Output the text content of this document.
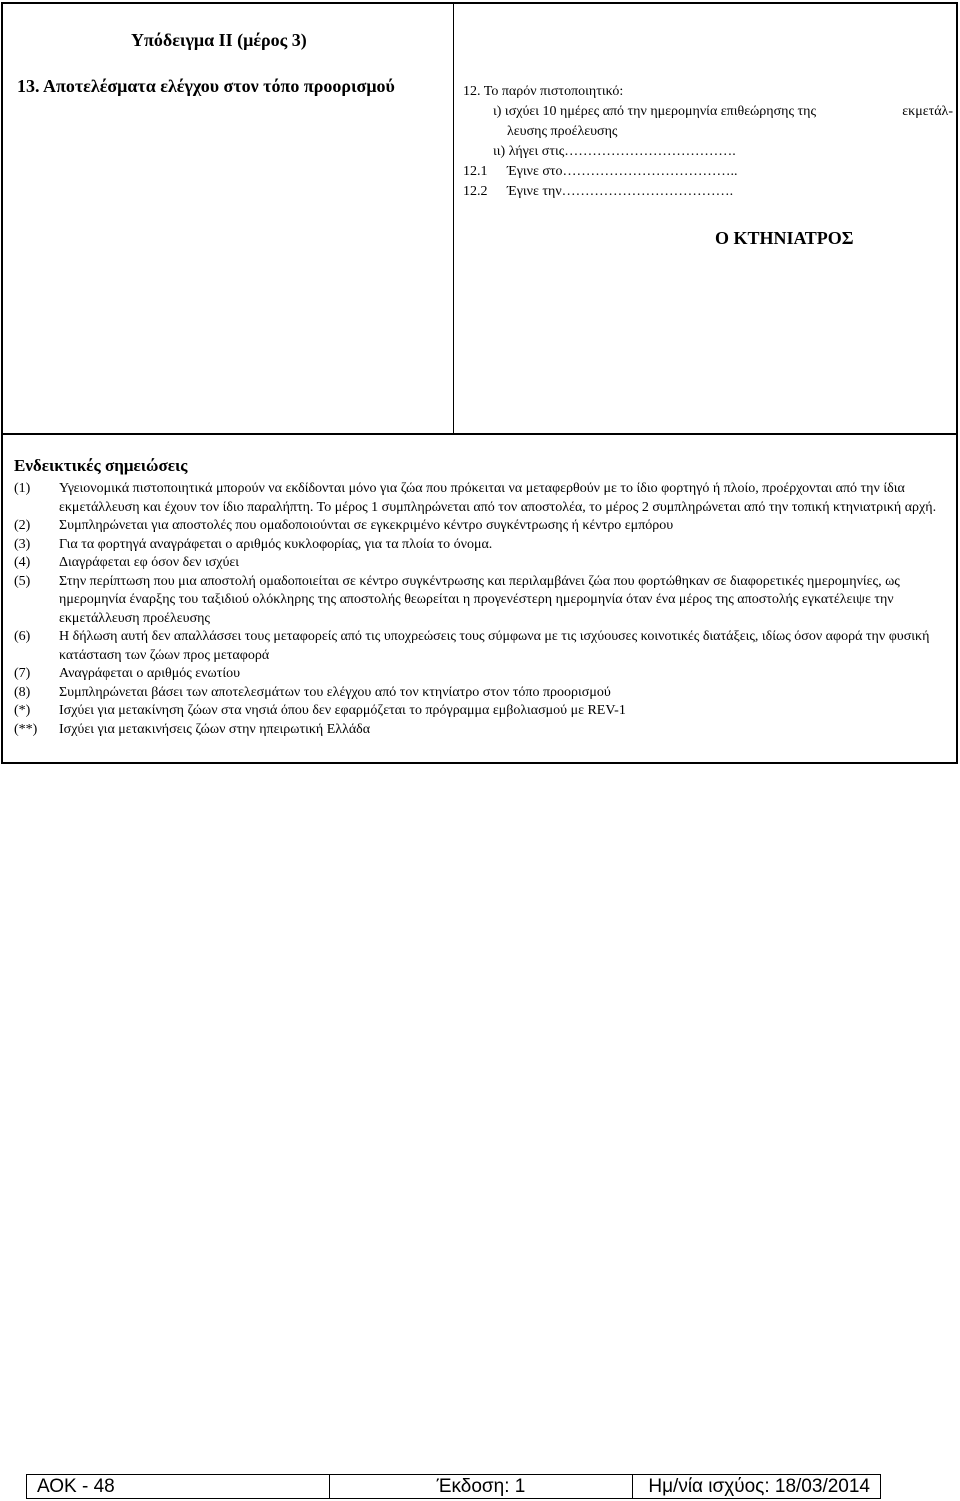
Υπόδειγμα ΙΙ (μέρος 3)
13. Αποτελέσματα ελέγχου στον τόπο προορισμού	12. Το παρόν πιστοποιητικό:
ι) ισχύει 10 ημέρες από την ημερομηνία επιθεώρησης της	εκμετάλ-
λευσης προέλευσης
ιι) λήγει στις……………………………….
12.1 Έγινε στο………………………………..
12.2 Έγινε την……………………………….
Ο ΚΤΗΝΙΑΤΡΟΣ
Ενδεικτικές σημειώσεις
(1)	Υγειονομικά πιστοποιητικά μπορούν να εκδίδονται μόνο για ζώα που πρόκειται να μεταφερθούν με το ίδιο φορτηγό ή πλοίο, προέρχονται από την ίδια εκμετάλλευση και έχουν τον ίδιο παραλήπτη. Το μέρος 1 συμπληρώνεται από τον αποστολέα, το μέρος 2 συμπληρώνεται από την τοπική κτηνιατρική αρχή.
(2)	Συμπληρώνεται για αποστολές που ομαδοποιούνται σε εγκεκριμένο κέντρο συγκέντρωσης ή κέντρο εμπόρου
(3)	Για τα φορτηγά αναγράφεται ο αριθμός κυκλοφορίας, για τα πλοία το όνομα.
(4)	Διαγράφεται εφ όσον δεν ισχύει
(5)	Στην περίπτωση που μια αποστολή ομαδοποιείται σε κέντρο συγκέντρωσης και περιλαμβάνει ζώα που φορτώθηκαν σε διαφορετικές ημερομηνίες, ως ημερομηνία έναρξης του ταξιδιού ολόκληρης της αποστολής θεωρείται η προγενέστερη ημερομηνία όταν ένα μέρος της αποστολής εγκατέλειψε την εκμετάλλευση προέλευσης
(6)	Η δήλωση αυτή δεν απαλλάσσει τους μεταφορείς από τις υποχρεώσεις τους σύμφωνα με τις ισχύουσες κοινοτικές διατάξεις, ιδίως όσον αφορά την φυσική κατάσταση των ζώων προς μεταφορά
(7)	Αναγράφεται ο αριθμός ενωτίου
(8)	Συμπληρώνεται βάσει των αποτελεσμάτων του ελέγχου από τον κτηνίατρο στον τόπο προορισμού
(*)	Ισχύει για μετακίνηση ζώων στα νησιά όπου δεν εφαρμόζεται το πρόγραμμα εμβολιασμού με REV-1
(**)	Ισχύει για μετακινήσεις ζώων στην ηπειρωτική Ελλάδα
ΑΟΚ - 48	Έκδοση: 1	Ημ/νία ισχύος: 18/03/2014
